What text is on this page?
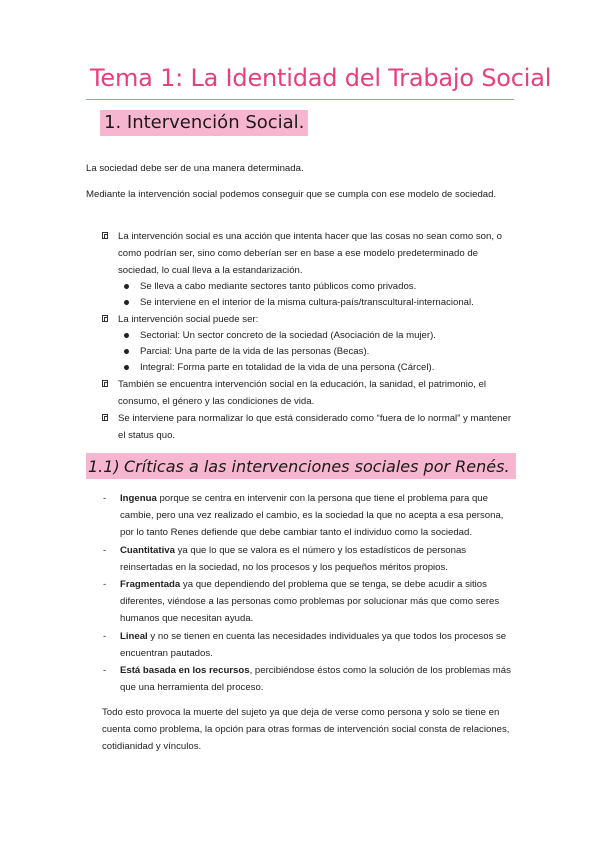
Tema 1: La Identidad del Trabajo Social
1. Intervención Social.
La sociedad debe ser de una manera determinada.
Mediante la intervención social podemos conseguir que se cumpla con ese modelo de sociedad.
La intervención social es una acción que intenta hacer que las cosas no sean como son, o como podrían ser, sino como deberían ser en base a ese modelo predeterminado de sociedad, lo cual lleva a la estandarización.
Se lleva a cabo mediante sectores tanto públicos como privados.
Se interviene en el interior de la misma cultura-país/transcultural-internacional.
La intervención social puede ser:
Sectorial: Un sector concreto de la sociedad (Asociación de la mujer).
Parcial: Una parte de la vida de las personas (Becas).
Integral: Forma parte en totalidad de la vida de una persona (Cárcel).
También se encuentra intervención social en la educación, la sanidad, el patrimonio, el consumo, el género y las condiciones de vida.
Se interviene para normalizar lo que está considerado como “fuera de lo normal” y mantener el status quo.
1.1) Críticas a las intervenciones sociales por Renés.
- Ingenua porque se centra en intervenir con la persona que tiene el problema para que cambie, pero una vez realizado el cambio, es la sociedad la que no acepta a esa persona, por lo tanto Renes defiende que debe cambiar tanto el individuo como la sociedad.
- Cuantitativa ya que lo que se valora es el número y los estadísticos de personas reinsertadas en la sociedad, no los procesos y los pequeños méritos propios.
- Fragmentada ya que dependiendo del problema que se tenga, se debe acudir a sitios diferentes, viéndose a las personas como problemas por solucionar más que como seres humanos que necesitan ayuda.
- Lineal y no se tienen en cuenta las necesidades individuales ya que todos los procesos se encuentran pautados.
- Está basada en los recursos, percibiéndose éstos como la solución de los problemas más que una herramienta del proceso.
Todo esto provoca la muerte del sujeto ya que deja de verse como persona y solo se tiene en cuenta como problema, la opción para otras formas de intervención social consta de relaciones, cotidianidad y vínculos.
